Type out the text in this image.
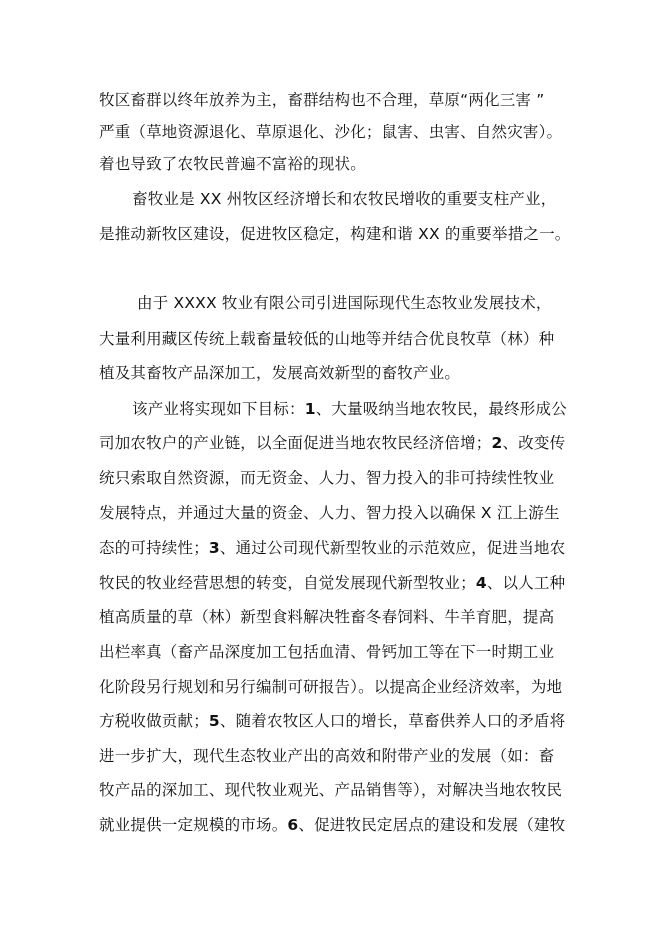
牧区畜群以终年放养为主，畜群结构也不合理，草原“两化三害 ”
严重（草地资源退化、草原退化、沙化；鼠害、虫害、自然灾害）。
着也导致了农牧民普遍不富裕的现状。
畜牧业是 XX 州牧区经济增长和农牧民增收的重要支柱产业，
是推动新牧区建设，促进牧区稳定，构建和谐 XX 的重要举措之一。
由于 XXXX 牧业有限公司引进国际现代生态牧业发展技术，
大量利用藏区传统上载畜量较低的山地等并结合优良牧草（林）种
植及其畜牧产品深加工，发展高效新型的畜牧产业。
该产业将实现如下目标：1、大量吸纳当地农牧民，最终形成公
司加农牧户的产业链，以全面促进当地农牧民经济倍增；2、改变传
统只索取自然资源，而无资金、人力、智力投入的非可持续性牧业
发展特点，并通过大量的资金、人力、智力投入以确保 X 江上游生
态的可持续性；3、通过公司现代新型牧业的示范效应，促进当地农
牧民的牧业经营思想的转变，自觉发展现代新型牧业；4、以人工种
植高质量的草（林）新型食料解决牲畜冬春饲料、牛羊育肥，提高
出栏率真（畜产品深度加工包括血清、骨钙加工等在下一时期工业
化阶段另行规划和另行编制可研报告）。以提高企业经济效率，为地
方税收做贡献；5、随着农牧区人口的增长，草畜供养人口的矛盾将
进一步扩大，现代生态牧业产出的高效和附带产业的发展（如：畜
牧产品的深加工、现代牧业观光、产品销售等），对解决当地农牧民
就业提供一定规模的市场。6、促进牧民定居点的建设和发展（建牧
